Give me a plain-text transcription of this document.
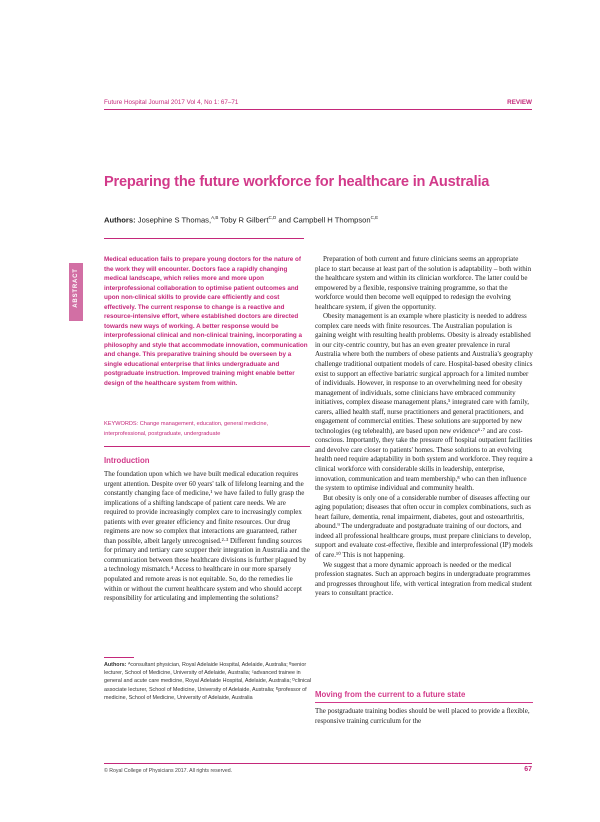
Future Hospital Journal 2017 Vol 4, No 1: 67–71	REVIEW
Preparing the future workforce for healthcare in Australia
Authors: Josephine S Thomas,$^{A,B}$ Toby R Gilbert$^{C,D}$ and Campbell H Thompson$^{C,E}$
ABSTRACT

Medical education fails to prepare young doctors for the nature of the work they will encounter. Doctors face a rapidly changing medical landscape, which relies more and more upon interprofessional collaboration to optimise patient outcomes and upon non-clinical skills to provide care efficiently and cost effectively. The current response to change is a reactive and resource-intensive effort, where established doctors are directed towards new ways of working. A better response would be interprofessional clinical and non-clinical training, incorporating a philosophy and style that accommodate innovation, communication and change. This preparative training should be overseen by a single educational enterprise that links undergraduate and postgraduate instruction. Improved training might enable better design of the healthcare system from within.

KEYWORDS: Change management, education, general medicine, interprofessional, postgraduate, undergraduate

Introduction

The foundation upon which we have built medical education requires urgent attention. Despite over 60 years' talk of lifelong learning and the constantly changing face of medicine,¹ we have failed to fully grasp the implications of a shifting landscape of patient care needs. We are required to provide increasingly complex care to increasingly complex patients with ever greater efficiency and finite resources. Our drug regimens are now so complex that interactions are guaranteed, rather than possible, albeit largely unrecognised.²·³ Different funding sources for primary and tertiary care scupper their integration in Australia and the communication between these healthcare divisions is further plagued by a technology mismatch.⁴ Access to healthcare in our more sparsely populated and remote areas is not equitable. So, do the remedies lie within or without the current healthcare system and who should accept responsibility for articulating and implementing the solutions?

Authors: ᴬconsultant physician, Royal Adelaide Hospital, Adelaide, Australia; ᴮsenior lecturer, School of Medicine, University of Adelaide, Australia; ᶜadvanced trainee in general and acute care medicine, Royal Adelaide Hospital, Adelaide, Australia; ᴰclinical associate lecturer, School of Medicine, University of Adelaide, Australia; ᴱprofessor of medicine, School of Medicine, University of Adelaide, Australia

Preparation of both current and future clinicians seems an appropriate place to start because at least part of the solution is adaptability – both within the healthcare system and within its clinician workforce. The latter could be empowered by a flexible, responsive training programme, so that the workforce would then become well equipped to redesign the evolving healthcare system, if given the opportunity.

Obesity management is an example where plasticity is needed to address complex care needs with finite resources. The Australian population is gaining weight with resulting health problems. Obesity is already established in our city-centric country, but has an even greater prevalence in rural Australia where both the numbers of obese patients and Australia's geography challenge traditional outpatient models of care. Hospital-based obesity clinics exist to support an effective bariatric surgical approach for a limited number of individuals. However, in response to an overwhelming need for obesity management of individuals, some clinicians have embraced community initiatives, complex disease management plans,⁵ integrated care with family, carers, allied health staff, nurse practitioners and general practitioners, and engagement of commercial entities. These solutions are supported by new technologies (eg telehealth), are based upon new evidence⁶·⁷ and are cost-conscious. Importantly, they take the pressure off hospital outpatient facilities and devolve care closer to patients' homes. These solutions to an evolving health need require adaptability in both system and workforce. They require a clinical workforce with considerable skills in leadership, enterprise, innovation, communication and team membership,⁸ who can then influence the system to optimise individual and community health.

But obesity is only one of a considerable number of diseases affecting our aging population; diseases that often occur in complex combinations, such as heart failure, dementia, renal impairment, diabetes, gout and osteoarthritis, abound.⁹ The undergraduate and postgraduate training of our doctors, and indeed all professional healthcare groups, must prepare clinicians to develop, support and evaluate cost-effective, flexible and interprofessional (IP) models of care.¹⁰ This is not happening.

We suggest that a more dynamic approach is needed or the medical profession stagnates. Such an approach begins in undergraduate programmes and progresses throughout life, with vertical integration from medical student years to consultant practice.

Moving from the current to a future state

The postgraduate training bodies should be well placed to provide a flexible, responsive training curriculum for the

© Royal College of Physicians 2017. All rights reserved.	67
